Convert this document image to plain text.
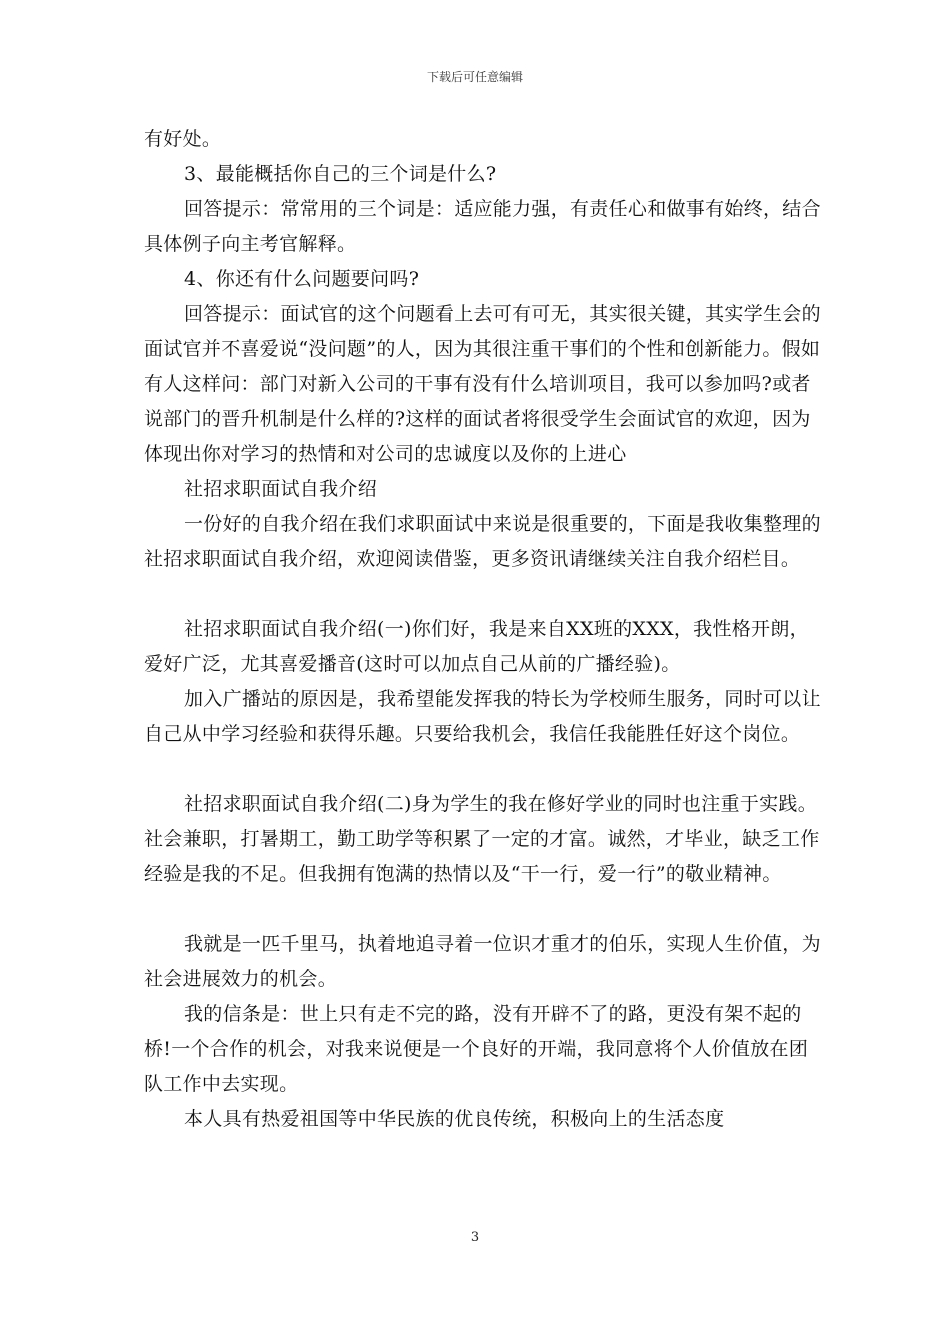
下载后可任意编辑

有好处。

3、最能概括你自己的三个词是什么?

回答提示：常常用的三个词是：适应能力强，有责任心和做事有始终，结合具体例子向主考官解释。

4、你还有什么问题要问吗?

回答提示：面试官的这个问题看上去可有可无，其实很关键，其实学生会的面试官并不喜爱说“没问题”的人，因为其很注重干事们的个性和创新能力。假如有人这样问：部门对新入公司的干事有没有什么培训项目，我可以参加吗?或者说部门的晋升机制是什么样的?这样的面试者将很受学生会面试官的欢迎，因为体现出你对学习的热情和对公司的忠诚度以及你的上进心

社招求职面试自我介绍

一份好的自我介绍在我们求职面试中来说是很重要的，下面是我收集整理的社招求职面试自我介绍，欢迎阅读借鉴，更多资讯请继续关注自我介绍栏目。

社招求职面试自我介绍(一)你们好，我是来自XX班的XXX，我性格开朗，爱好广泛，尤其喜爱播音(这时可以加点自己从前的广播经验)。

加入广播站的原因是，我希望能发挥我的特长为学校师生服务，同时可以让自己从中学习经验和获得乐趣。只要给我机会，我信任我能胜任好这个岗位。

社招求职面试自我介绍(二)身为学生的我在修好学业的同时也注重于实践。社会兼职，打暑期工，勤工助学等积累了一定的才富。诚然，才毕业，缺乏工作经验是我的不足。但我拥有饱满的热情以及“干一行，爱一行”的敬业精神。

我就是一匹千里马，执着地追寻着一位识才重才的伯乐，实现人生价值，为社会进展效力的机会。

我的信条是：世上只有走不完的路，没有开辟不了的路，更没有架不起的桥!一个合作的机会，对我来说便是一个良好的开端，我同意将个人价值放在团队工作中去实现。

本人具有热爱祖国等中华民族的优良传统，积极向上的生活态度

3
